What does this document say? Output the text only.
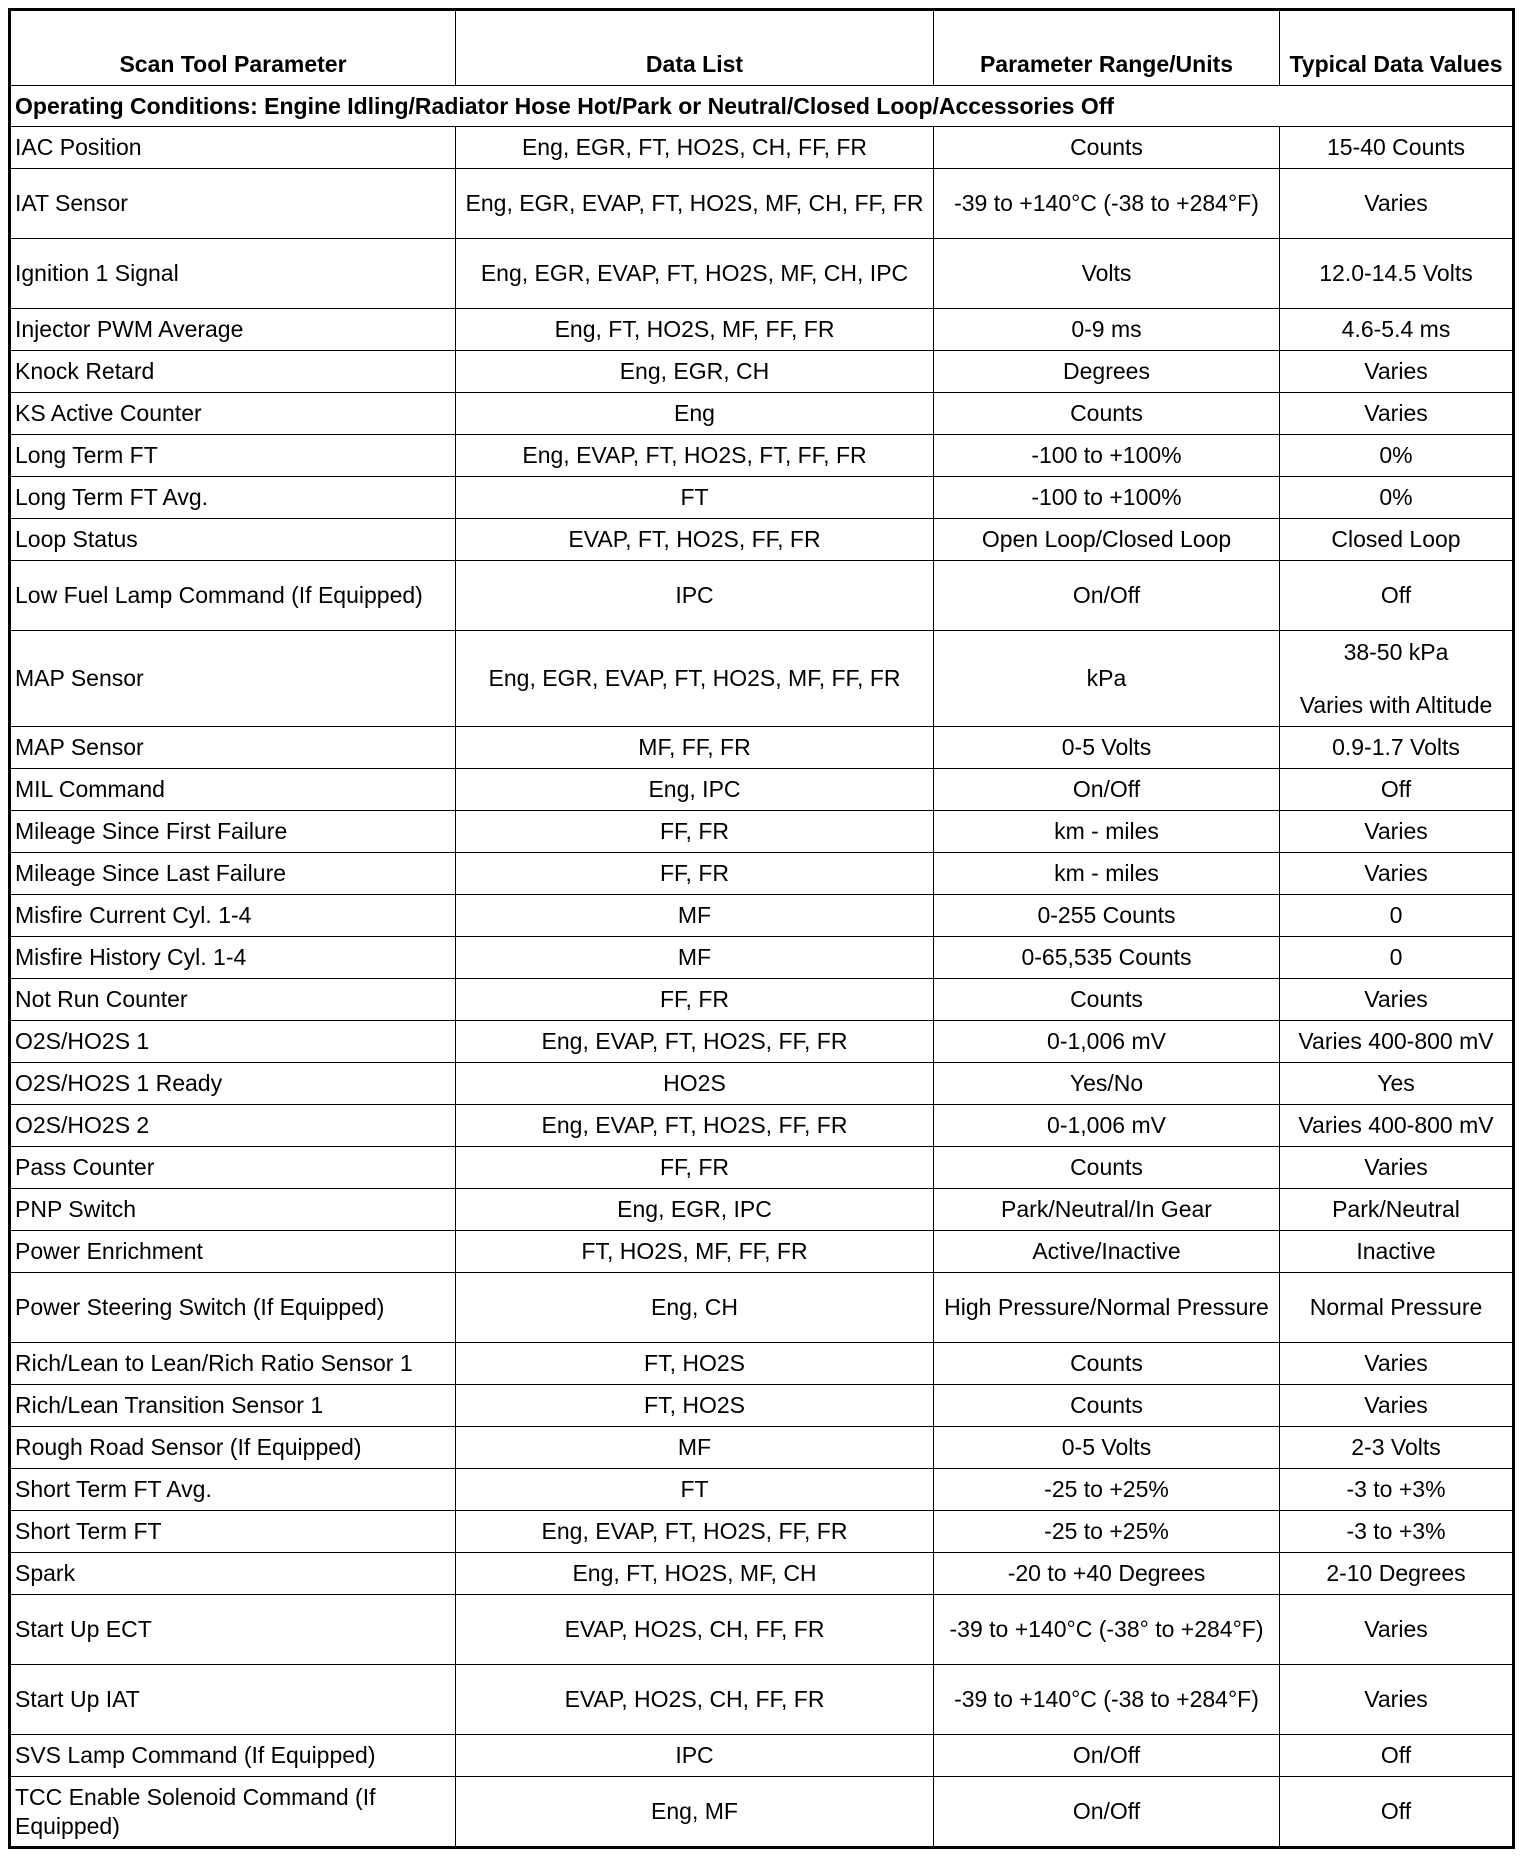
Scan Tool Parameter	Data List	Parameter Range/Units	Typical Data Values
Operating Conditions: Engine Idling/Radiator Hose Hot/Park or Neutral/Closed Loop/Accessories Off			
IAC Position	Eng, EGR, FT, HO2S, CH, FF, FR	Counts	15-40 Counts
IAT Sensor	Eng, EGR, EVAP, FT, HO2S, MF, CH, FF, FR	-39 to +140°C (-38 to +284°F)	Varies
Ignition 1 Signal	Eng, EGR, EVAP, FT, HO2S, MF, CH, IPC	Volts	12.0-14.5 Volts
Injector PWM Average	Eng, FT, HO2S, MF, FF, FR	0-9 ms	4.6-5.4 ms
Knock Retard	Eng, EGR, CH	Degrees	Varies
KS Active Counter	Eng	Counts	Varies
Long Term FT	Eng, EVAP, FT, HO2S, FT, FF, FR	-100 to +100%	0%
Long Term FT Avg.	FT	-100 to +100%	0%
Loop Status	EVAP, FT, HO2S, FF, FR	Open Loop/Closed Loop	Closed Loop
Low Fuel Lamp Command (If Equipped)	IPC	On/Off	Off
MAP Sensor	Eng, EGR, EVAP, FT, HO2S, MF, FF, FR	kPa	38-50 kPa
Varies with Altitude

MAP Sensor	MF, FF, FR	0-5 Volts	0.9-1.7 Volts
MIL Command	Eng, IPC	On/Off	Off
Mileage Since First Failure	FF, FR	km - miles	Varies
Mileage Since Last Failure	FF, FR	km - miles	Varies
Misfire Current Cyl. 1-4	MF	0-255 Counts	0
Misfire History Cyl. 1-4	MF	0-65,535 Counts	0
Not Run Counter	FF, FR	Counts	Varies
O2S/HO2S 1	Eng, EVAP, FT, HO2S, FF, FR	0-1,006 mV	Varies 400-800 mV
O2S/HO2S 1 Ready	HO2S	Yes/No	Yes
O2S/HO2S 2	Eng, EVAP, FT, HO2S, FF, FR	0-1,006 mV	Varies 400-800 mV
Pass Counter	FF, FR	Counts	Varies
PNP Switch	Eng, EGR, IPC	Park/Neutral/In Gear	Park/Neutral
Power Enrichment	FT, HO2S, MF, FF, FR	Active/Inactive	Inactive
Power Steering Switch (If Equipped)	Eng, CH	High Pressure/Normal Pressure	Normal Pressure
Rich/Lean to Lean/Rich Ratio Sensor 1	FT, HO2S	Counts	Varies
Rich/Lean Transition Sensor 1	FT, HO2S	Counts	Varies
Rough Road Sensor (If Equipped)	MF	0-5 Volts	2-3 Volts
Short Term FT Avg.	FT	-25 to +25%	-3 to +3%
Short Term FT	Eng, EVAP, FT, HO2S, FF, FR	-25 to +25%	-3 to +3%
Spark	Eng, FT, HO2S, MF, CH	-20 to +40 Degrees	2-10 Degrees
Start Up ECT	EVAP, HO2S, CH, FF, FR	-39 to +140°C (-38° to +284°F)	Varies
Start Up IAT	EVAP, HO2S, CH, FF, FR	-39 to +140°C (-38 to +284°F)	Varies
SVS Lamp Command (If Equipped)	IPC	On/Off	Off
TCC Enable Solenoid Command (If Equipped)	Eng, MF	On/Off	Off
